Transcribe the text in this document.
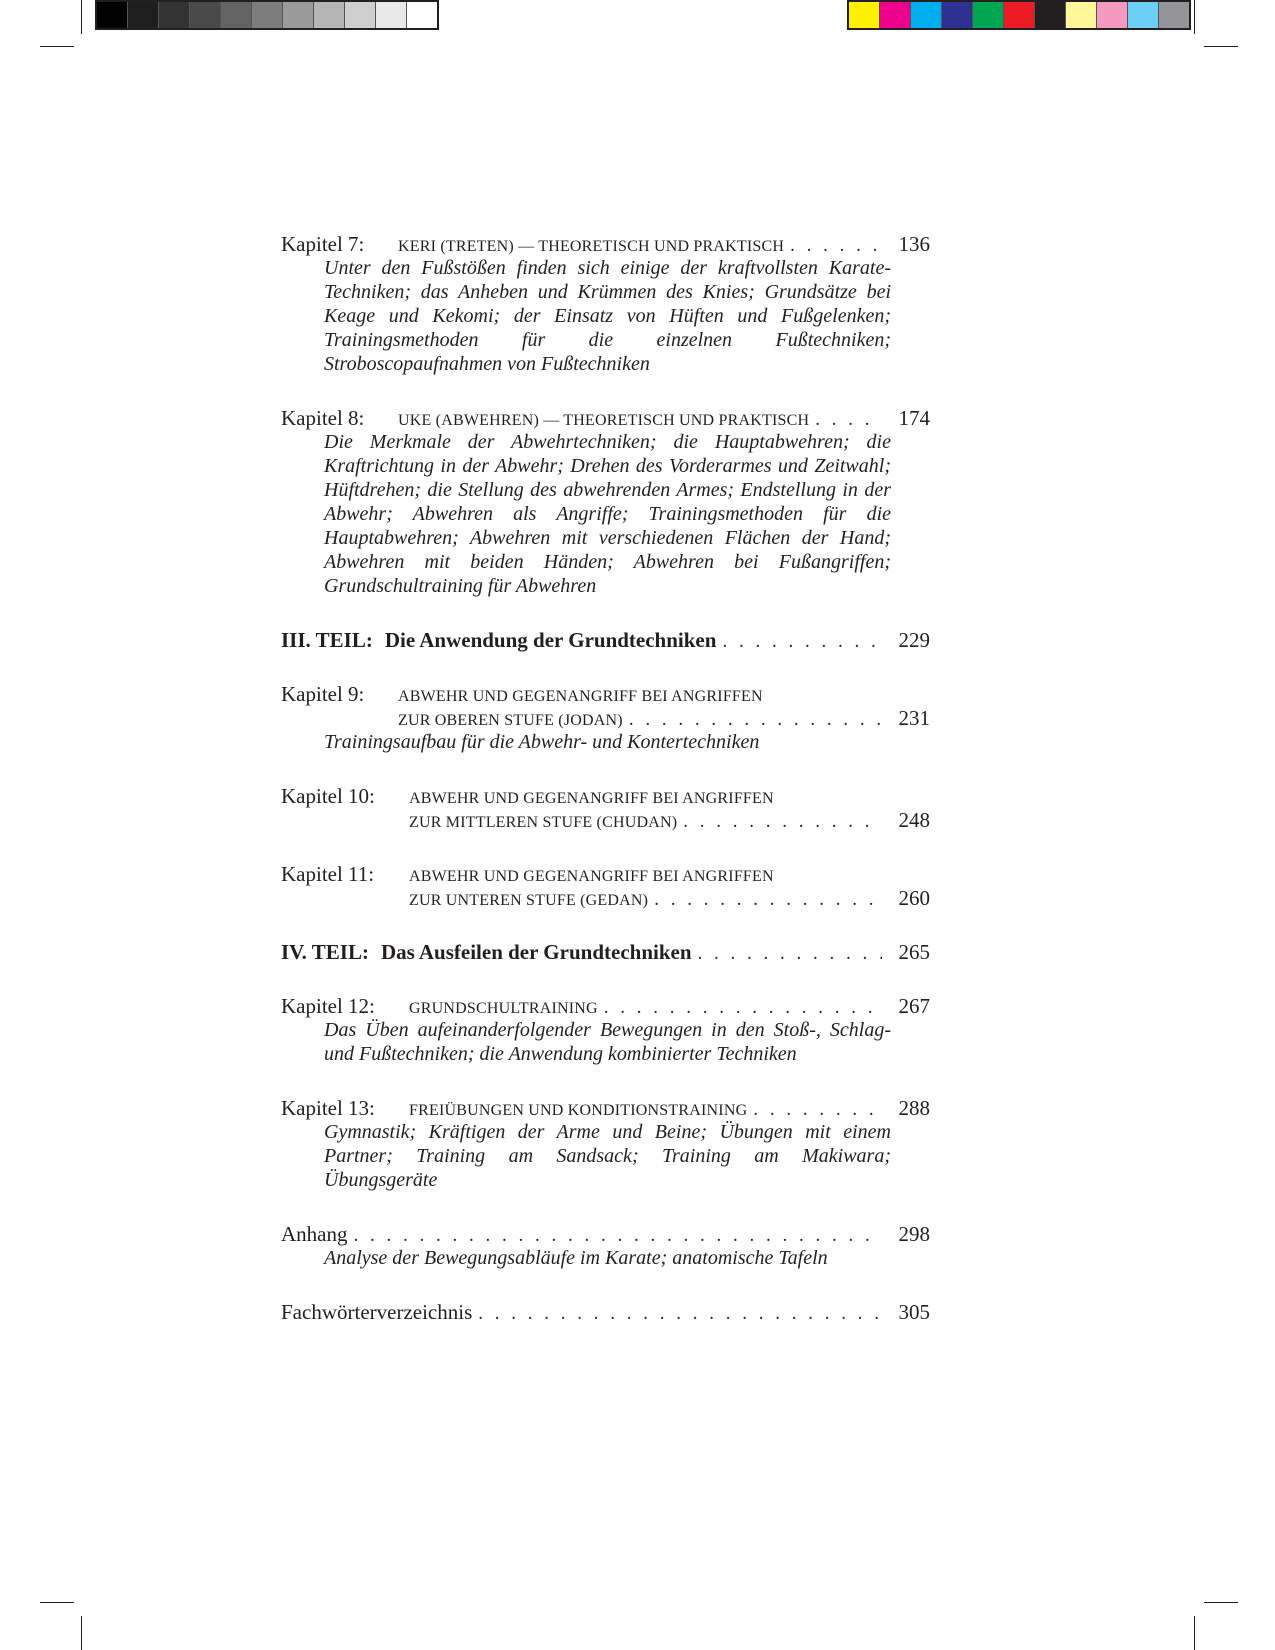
Kapitel 7:	KERI (TRETEN) — THEORETISCH UND PRAKTISCH . . .	136
Unter den Fußstößen finden sich einige der kraftvollsten Karate-Techniken; das Anheben und Krümmen des Knies; Grundsätze bei Keage und Kekomi; der Einsatz von Hüften und Fußgelenken; Trainingsmethoden für die einzelnen Fußtechniken; Stroboscopaufnahmen von Fußtechniken
Kapitel 8:	UKE (ABWEHREN) — THEORETISCH UND PRAKTISCH . . .	174
Die Merkmale der Abwehrtechniken; die Hauptabwehren; die Kraftrichtung in der Abwehr; Drehen des Vorderarmes und Zeitwahl; Hüftdrehen; die Stellung des abwehrenden Armes; Endstellung in der Abwehr; Abwehren als Angriffe; Trainingsmethoden für die Hauptabwehren; Abwehren mit verschiedenen Flächen der Hand; Abwehren mit beiden Händen; Abwehren bei Fußangriffen; Grundschultraining für Abwehren
III. TEIL: Die Anwendung der Grundtechniken . . .	229
Kapitel 9:	ABWEHR UND GEGENANGRIFF BEI ANGRIFFEN
ZUR OBEREN STUFE (JODAN) . . .	231
Trainingsaufbau für die Abwehr- und Kontertechniken
Kapitel 10:	ABWEHR UND GEGENANGRIFF BEI ANGRIFFEN
ZUR MITTLEREN STUFE (CHUDAN) . . .	248
Kapitel 11:	ABWEHR UND GEGENANGRIFF BEI ANGRIFFEN
ZUR UNTEREN STUFE (GEDAN) . . .	260
IV. TEIL: Das Ausfeilen der Grundtechniken . . .	265
Kapitel 12:	GRUNDSCHULTRAINING . . .	267
Das Üben aufeinanderfolgender Bewegungen in den Stoß-, Schlag- und Fußtechniken; die Anwendung kombinierter Techniken
Kapitel 13:	FREIÜBUNGEN UND KONDITIONSTRAINING . . .	288
Gymnastik; Kräftigen der Arme und Beine; Übungen mit einem Partner; Training am Sandsack; Training am Makiwara; Übungsgeräte
Anhang . . .	298
Analyse der Bewegungsabläufe im Karate; anatomische Tafeln
Fachwörterverzeichnis . . .	305
